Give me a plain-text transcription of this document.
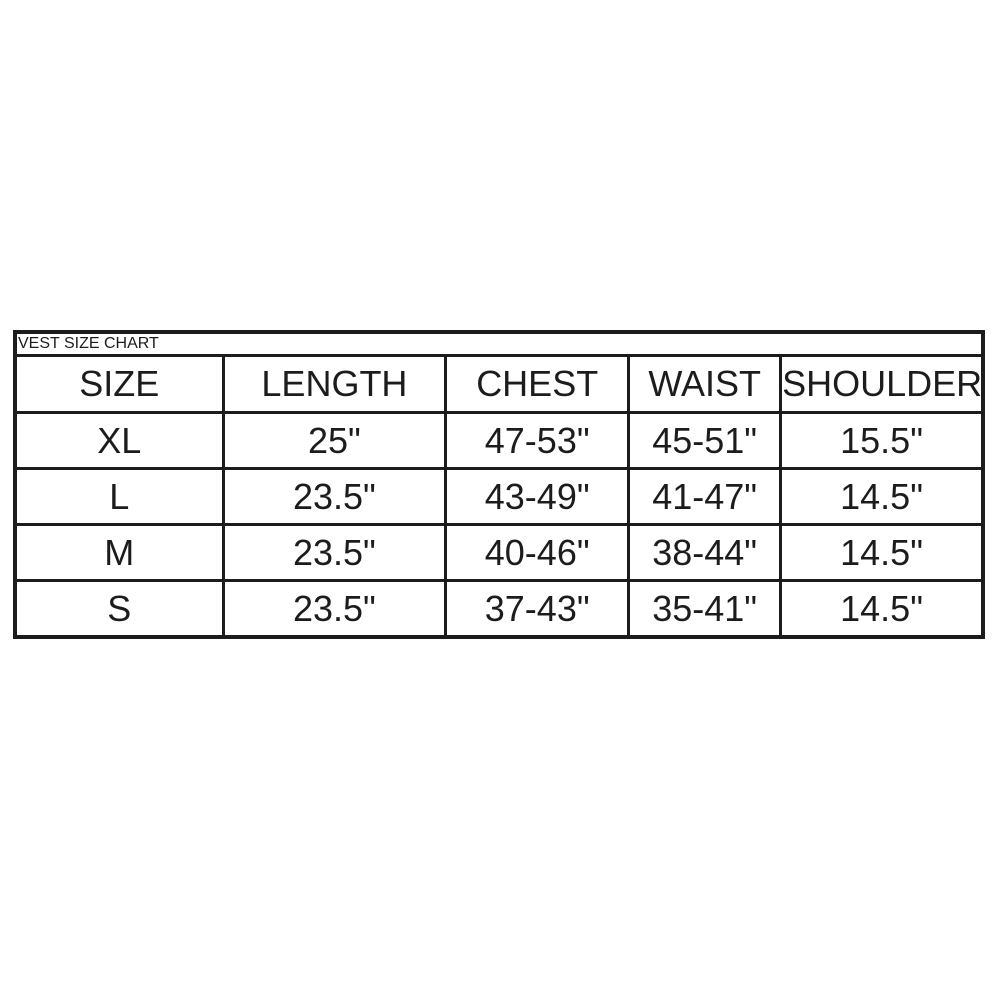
VEST SIZE CHART				
SIZE	LENGTH	CHEST	WAIST	SHOULDER
XL	25"	47-53"	45-51"	15.5"
L	23.5"	43-49"	41-47"	14.5"
M	23.5"	40-46"	38-44"	14.5"
S	23.5"	37-43"	35-41"	14.5"
